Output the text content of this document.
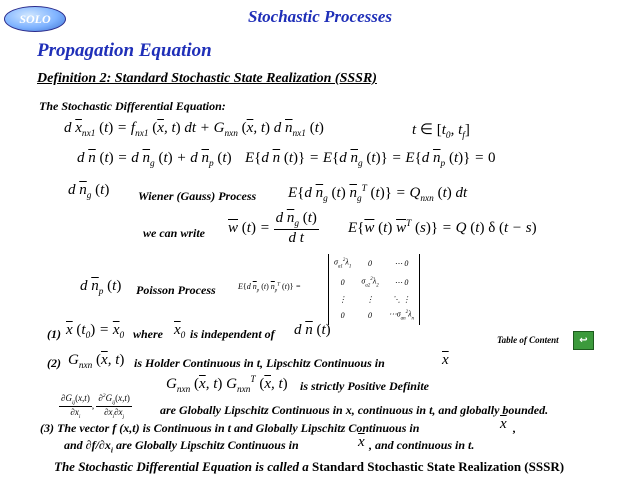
SOLO	Stochastic Processes
Propagation Equation
Definition 2: Standard Stochastic State Realization (SSSR)
The Stochastic Differential Equation:
d $\overline{x}_{nx1}$ $(t) = f_{nx1}$ ($\overline{x}$, t) dt + $G_{nxn}$ ($\overline{x}$, t) d $\overline{n}_{nx1}$ (t)	t ∈ [$t_0$, $t_f$]
d $\overline{n}$ (t) = d $\overline{n}_g$ (t) + d $\overline{n}_p$ (t) E{d $\overline{n}$ (t)} = E{d $\overline{n}_g$ (t)} = E{d $\overline{n}_p$ (t)} = 0
d $\overline{n}_g$ (t) Wiener (Gauss) Process E{d $\overline{n}_g$ (t) $\overline{n}_g^T$ $(t)\} = Q_{nxn}$ (t) dt
we can write $\overline{w}$ $(t) = \frac{d \overline{n}_g (t)}{\text{d t}} E\{\overline{w}$ (t) $\overline{w}^T$ (s)} = Q (t) δ (t − s)
d $\overline{n}_p$ (t) Poisson Process	E{d $\overline{n}_p$ (t) $\overline{n}_p^T$ (t)} =
$\sigma_{a1}^2\lambda_1$	0	⋯ 0
0	$\sigma_{a2}^2\lambda_2$	⋯ 0
⋮	⋮	⋱ ⋮
0	0	$\cdots\sigma_{an}^2\lambda_n$
(1) $\overline{x}$ $(t_0) = \overline{x}_0$ where $\overline{x}_0$ is independent of d $\overline{n}$ (t)
Table of Content	↩
(2) $G_{nxn}$ ($\overline{x}$, t) is Holder Continuous in t, Lipschitz Continuous in	$\overline{x}$
$G_{nxn}$ ($\overline{x}$, t) $G_{nxn}^T$ ($\overline{x}$, t) is strictly Positive Definite
$\frac{\partial G_{ij}(x,t)}{\partial x_i}$ , $\frac{\partial^2G_{ij}(x,t)}{\partial x_i\partial x_j}$ are Globally Lipschitz Continuous in x, continuous in t, and globally bounded.
(3) The vector f (x,t) is Continuous in t and Globally Lipschitz Continuous in	$\overline{x}$ ,
and $\partial f/\partial x_i$ are Globally Lipschitz Continuous in	$\overline{x}$ , and continuous in t.
The Stochastic Differential Equation is called a Standard Stochastic State Realization (SSSR)
